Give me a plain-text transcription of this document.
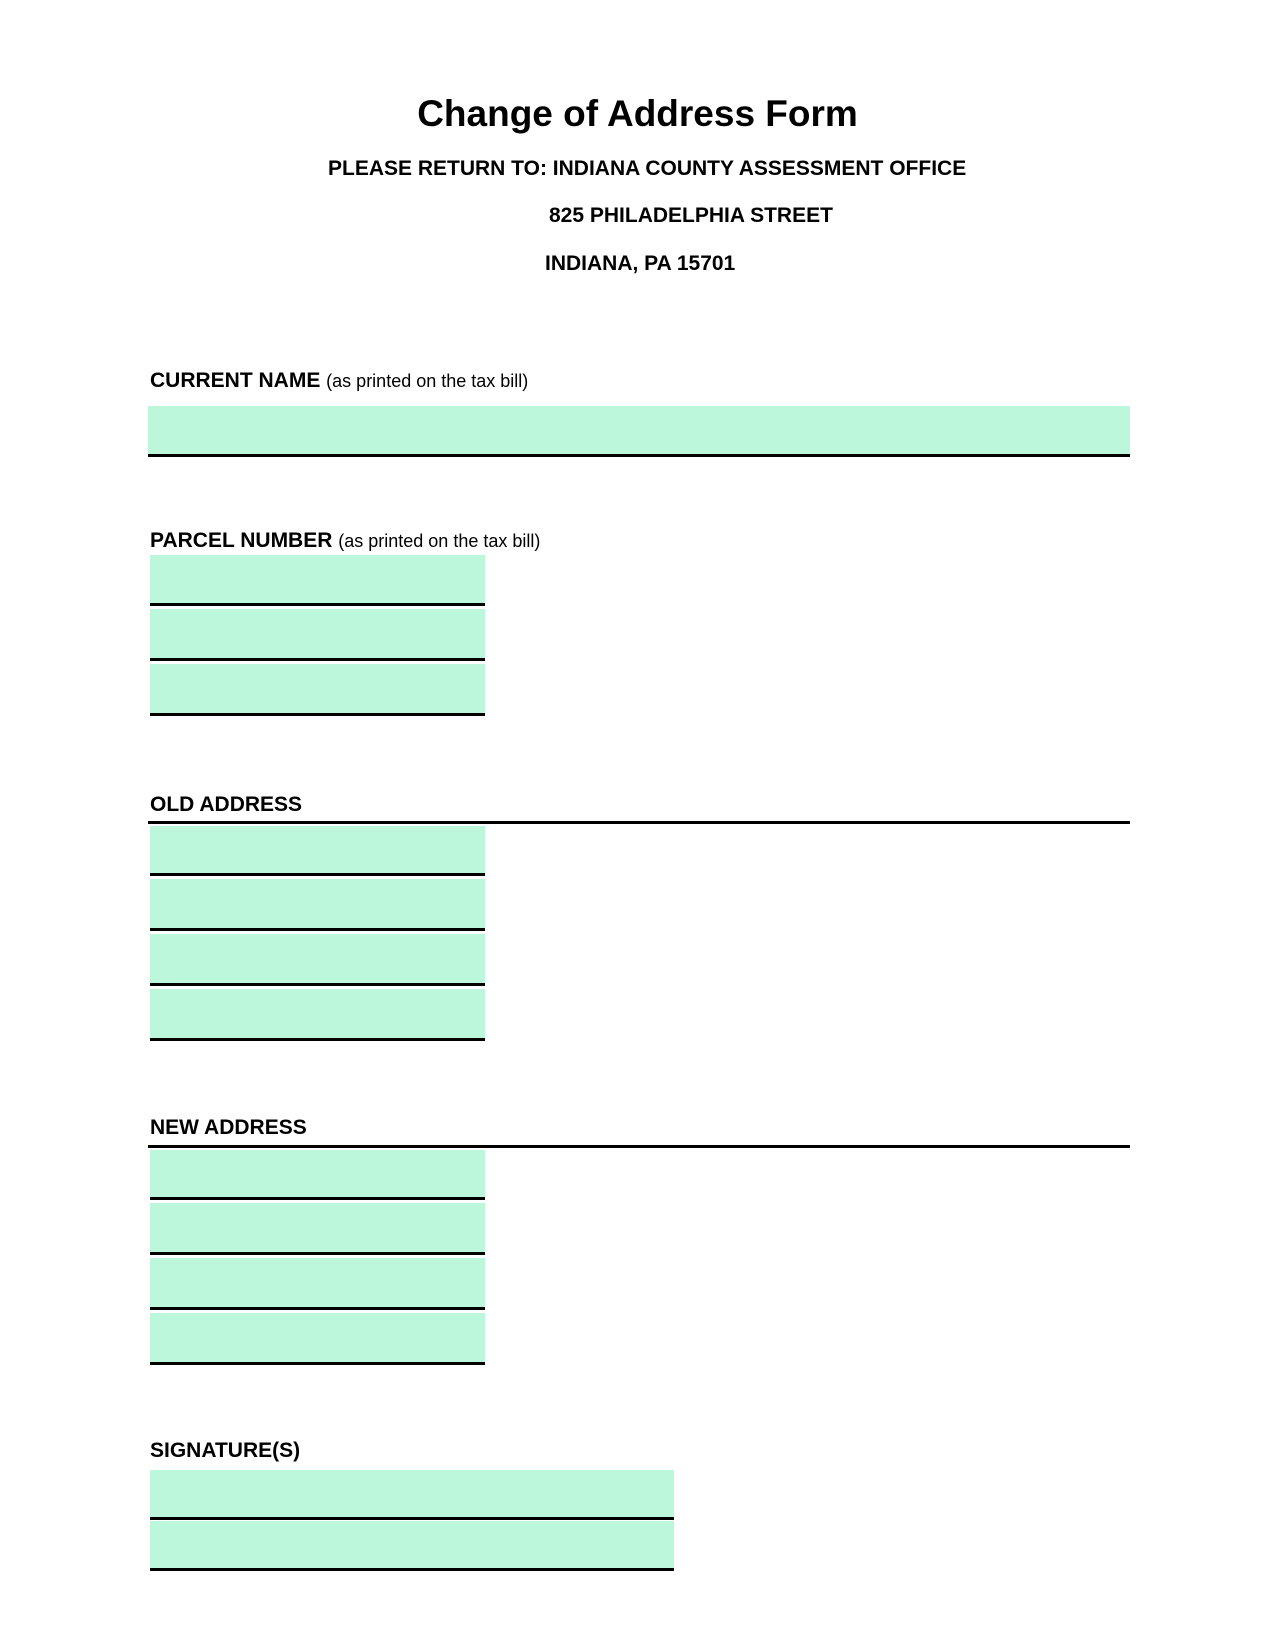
Change of Address Form
PLEASE RETURN TO: INDIANA COUNTY ASSESSMENT OFFICE
825 PHILADELPHIA STREET
INDIANA, PA 15701
CURRENT NAME (as printed on the tax bill)
PARCEL NUMBER (as printed on the tax bill)
OLD ADDRESS
NEW ADDRESS
SIGNATURE(S)
